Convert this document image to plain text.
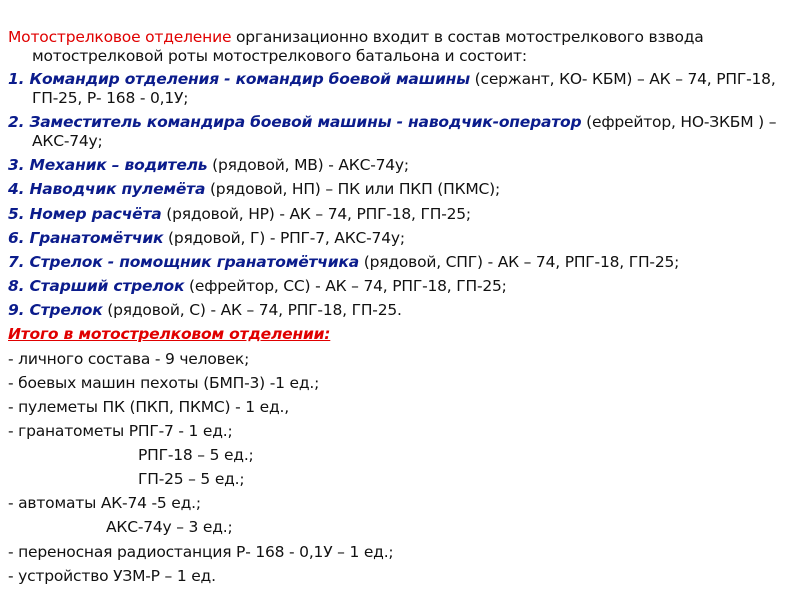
Мотострелковое отделение организационно входит в состав мотострелкового взвода мотострелковой роты мотострелкового батальона и состоит:
1. Командир отделения - командир боевой машины (сержант, КО- КБМ) – АК – 74, РПГ-18, ГП-25, Р- 168 - 0,1У;
2. Заместитель командира боевой машины - наводчик-оператор (ефрейтор, НО-ЗКБМ ) – АКС-74у;
3. Механик – водитель (рядовой, МВ) - АКС-74у;
4. Наводчик пулемёта (рядовой, НП) – ПК или ПКП (ПКМС);
5. Номер расчёта (рядовой, НР) - АК – 74, РПГ-18, ГП-25;
6. Гранатомётчик (рядовой, Г) - РПГ-7, АКС-74у;
7. Стрелок - помощник гранатомётчика (рядовой, СПГ) - АК – 74, РПГ-18, ГП-25;
8. Старший стрелок (ефрейтор, СС) - АК – 74, РПГ-18, ГП-25;
9. Стрелок (рядовой, С) - АК – 74, РПГ-18, ГП-25.
Итого в мотострелковом отделении:
- личного состава - 9 человек;
- боевых машин пехоты (БМП-3) -1 ед.;
- пулеметы ПК (ПКП, ПКМС) - 1 ед.,
- гранатометы РПГ-7 - 1 ед.;
РПГ-18 – 5 ед.;
ГП-25 – 5 ед.;
- автоматы АК-74 -5 ед.;
АКС-74у – 3 ед.;
- переносная радиостанция Р- 168 - 0,1У – 1 ед.;
- устройство УЗМ-Р – 1 ед.
